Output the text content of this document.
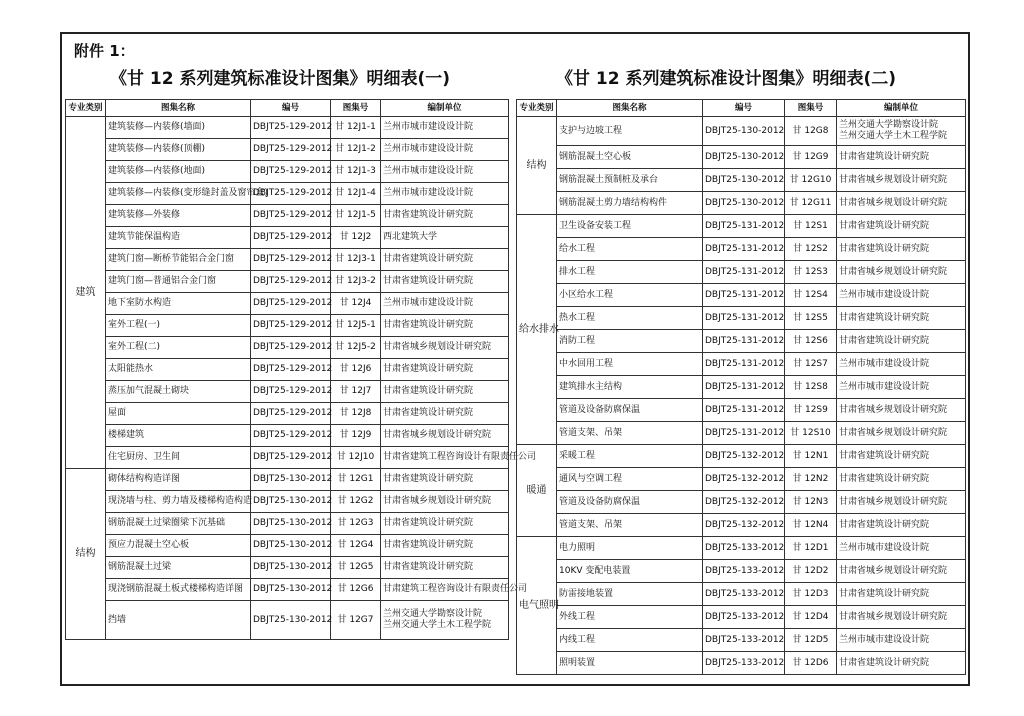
附件 1：
《甘 12 系列建筑标准设计图集》明细表(一)	《甘 12 系列建筑标准设计图集》明细表(二)
专业类别	图集名称	编号	图集号	编制单位
建筑	建筑装修—内装修(墙面)	DBJT25-129-2012	甘 12J1-1	兰州市城市建设设计院
	建筑装修—内装修(顶棚)	DBJT25-129-2012	甘 12J1-2	兰州市城市建设设计院
	建筑装修—内装修(地面)	DBJT25-129-2012	甘 12J1-3	兰州市城市建设设计院
	建筑装修—内装修(变形缝封盖及窗帘盒)	DBJT25-129-2012	甘 12J1-4	兰州市城市建设设计院
	建筑装修—外装修	DBJT25-129-2012	甘 12J1-5	甘肃省建筑设计研究院
	建筑节能保温构造	DBJT25-129-2012	甘 12J2	西北建筑大学
	建筑门窗—断桥节能铝合金门窗	DBJT25-129-2012	甘 12J3-1	甘肃省建筑设计研究院
	建筑门窗—普通铝合金门窗	DBJT25-129-2012	甘 12J3-2	甘肃省建筑设计研究院
	地下室防水构造	DBJT25-129-2012	甘 12J4	兰州市城市建设设计院
	室外工程(一)	DBJT25-129-2012	甘 12J5-1	甘肃省建筑设计研究院
	室外工程(二)	DBJT25-129-2012	甘 12J5-2	甘肃省城乡规划设计研究院
	太阳能热水	DBJT25-129-2012	甘 12J6	甘肃省建筑设计研究院
	蒸压加气混凝土砌块	DBJT25-129-2012	甘 12J7	甘肃省建筑设计研究院
	屋面	DBJT25-129-2012	甘 12J8	甘肃省建筑设计研究院
	楼梯建筑	DBJT25-129-2012	甘 12J9	甘肃省城乡规划设计研究院
	住宅厨房、卫生间	DBJT25-129-2012	甘 12J10	甘肃省建筑工程咨询设计有限责任公司
结构	砌体结构构造详图	DBJT25-130-2012	甘 12G1	甘肃省建筑设计研究院
	现浇墙与柱、剪力墙及楼梯构造构造	DBJT25-130-2012	甘 12G2	甘肃省城乡规划设计研究院
	钢筋混凝土过梁圈梁下沉基础	DBJT25-130-2012	甘 12G3	甘肃省建筑设计研究院
	预应力混凝土空心板	DBJT25-130-2012	甘 12G4	甘肃省建筑设计研究院
	钢筋混凝土过梁	DBJT25-130-2012	甘 12G5	甘肃省建筑设计研究院
	现浇钢筋混凝土板式楼梯构造详图	DBJT25-130-2012	甘 12G6	甘肃建筑工程咨询设计有限责任公司
	挡墙	DBJT25-130-2012	甘 12G7	兰州交通大学勘察设计院
兰州交通大学土木工程学院
专业类别	图集名称	编号	图集号	编制单位
结构	支护与边坡工程	DBJT25-130-2012	甘 12G8	兰州交通大学勘察设计院
兰州交通大学土木工程学院
	钢筋混凝土空心板	DBJT25-130-2012	甘 12G9	甘肃省建筑设计研究院
	钢筋混凝土预制桩及承台	DBJT25-130-2012	甘 12G10	甘肃省城乡规划设计研究院
	钢筋混凝土剪力墙结构构件	DBJT25-130-2012	甘 12G11	甘肃省城乡规划设计研究院
给水排水	卫生设备安装工程	DBJT25-131-2012	甘 12S1	甘肃省建筑设计研究院
	给水工程	DBJT25-131-2012	甘 12S2	甘肃省建筑设计研究院
	排水工程	DBJT25-131-2012	甘 12S3	甘肃省城乡规划设计研究院
	小区给水工程	DBJT25-131-2012	甘 12S4	兰州市城市建设设计院
	热水工程	DBJT25-131-2012	甘 12S5	甘肃省建筑设计研究院
	消防工程	DBJT25-131-2012	甘 12S6	甘肃省建筑设计研究院
	中水回用工程	DBJT25-131-2012	甘 12S7	兰州市城市建设设计院
	建筑排水主结构	DBJT25-131-2012	甘 12S8	兰州市城市建设设计院
	管道及设备防腐保温	DBJT25-131-2012	甘 12S9	甘肃省城乡规划设计研究院
	管道支架、吊架	DBJT25-131-2012	甘 12S10	甘肃省城乡规划设计研究院
暖通	采暖工程	DBJT25-132-2012	甘 12N1	甘肃省建筑设计研究院
	通风与空调工程	DBJT25-132-2012	甘 12N2	甘肃省建筑设计研究院
	管道及设备防腐保温	DBJT25-132-2012	甘 12N3	甘肃省城乡规划设计研究院
	管道支架、吊架	DBJT25-132-2012	甘 12N4	甘肃省建筑设计研究院
电气照明	电力照明	DBJT25-133-2012	甘 12D1	兰州市城市建设设计院
	10KV 变配电装置	DBJT25-133-2012	甘 12D2	甘肃省城乡规划设计研究院
	防雷接地装置	DBJT25-133-2012	甘 12D3	甘肃省建筑设计研究院
	外线工程	DBJT25-133-2012	甘 12D4	甘肃省城乡规划设计研究院
	内线工程	DBJT25-133-2012	甘 12D5	兰州市城市建设设计院
	照明装置	DBJT25-133-2012	甘 12D6	甘肃省建筑设计研究院
